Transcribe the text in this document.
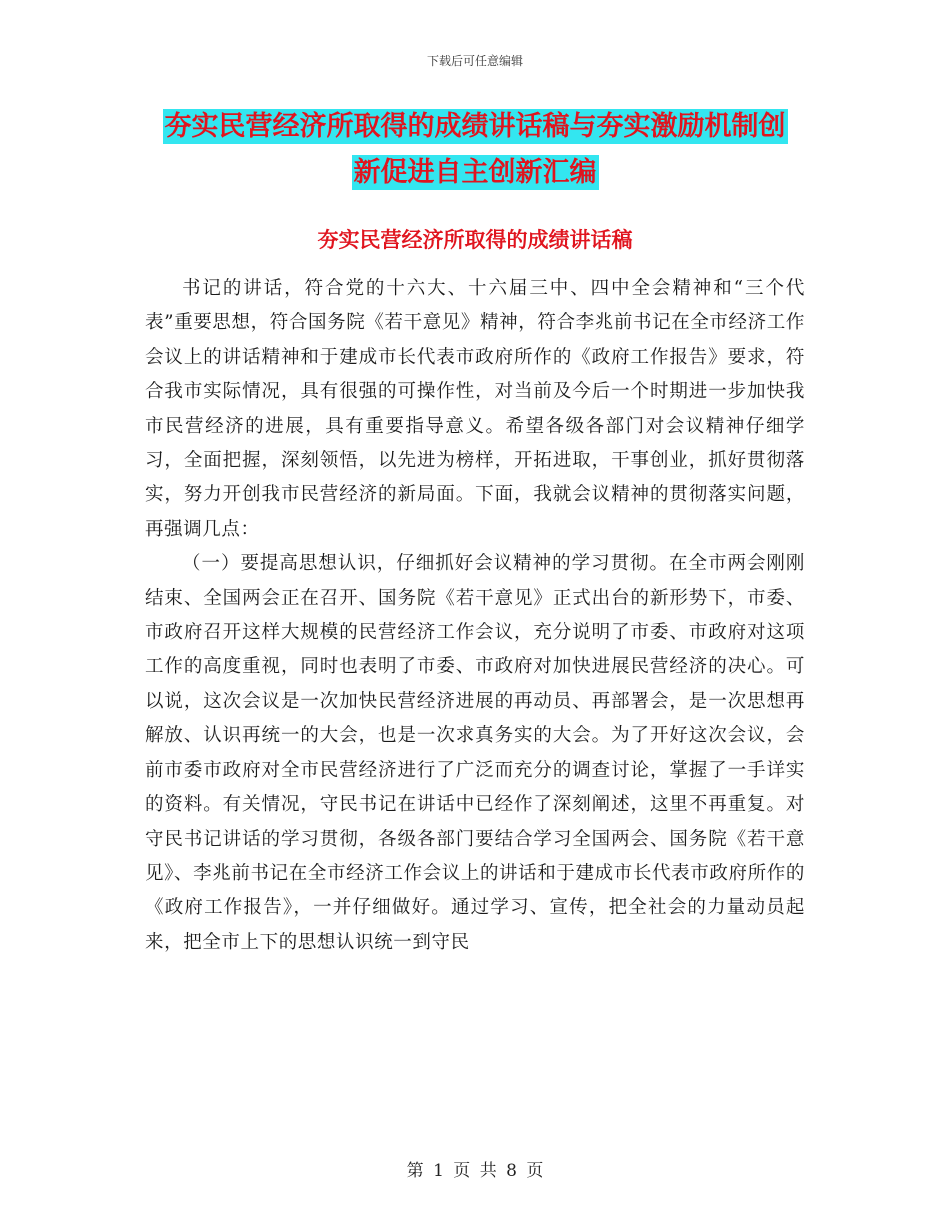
下载后可任意编辑
夯实民营经济所取得的成绩讲话稿与夯实激励机制创
新促进自主创新汇编
夯实民营经济所取得的成绩讲话稿

书记的讲话，符合党的十六大、十六届三中、四中全会精神和“三个代表”重要思想，符合国务院《若干意见》精神，符合李兆前书记在全市经济工作会议上的讲话精神和于建成市长代表市政府所作的《政府工作报告》要求，符合我市实际情况，具有很强的可操作性，对当前及今后一个时期进一步加快我市民营经济的进展，具有重要指导意义。希望各级各部门对会议精神仔细学习，全面把握，深刻领悟，以先进为榜样，开拓进取，干事创业，抓好贯彻落实，努力开创我市民营经济的新局面。下面，我就会议精神的贯彻落实问题，再强调几点：

（一）要提高思想认识，仔细抓好会议精神的学习贯彻。在全市两会刚刚结束、全国两会正在召开、国务院《若干意见》正式出台的新形势下，市委、市政府召开这样大规模的民营经济工作会议，充分说明了市委、市政府对这项工作的高度重视，同时也表明了市委、市政府对加快进展民营经济的决心。可以说，这次会议是一次加快民营经济进展的再动员、再部署会，是一次思想再解放、认识再统一的大会，也是一次求真务实的大会。为了开好这次会议，会前市委市政府对全市民营经济进行了广泛而充分的调查讨论，掌握了一手详实的资料。有关情况，守民书记在讲话中已经作了深刻阐述，这里不再重复。对守民书记讲话的学习贯彻，各级各部门要结合学习全国两会、国务院《若干意见》、李兆前书记在全市经济工作会议上的讲话和于建成市长代表市政府所作的《政府工作报告》，一并仔细做好。通过学习、宣传，把全社会的力量动员起来，把全市上下的思想认识统一到守民

第 1 页 共 8 页
